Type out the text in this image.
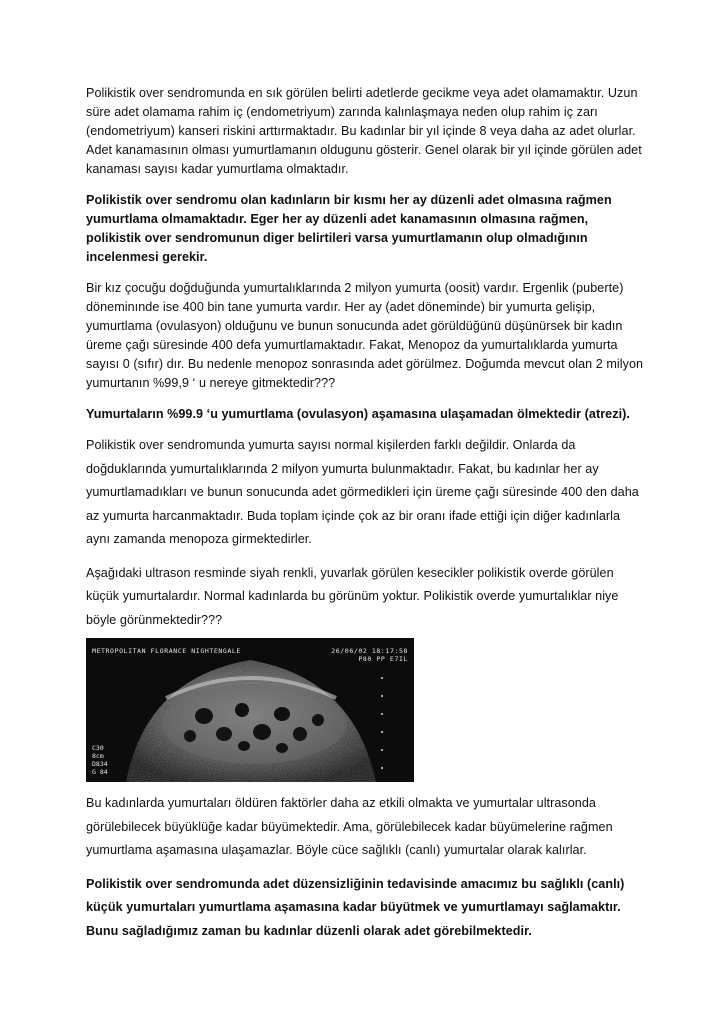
Polikistik over sendromunda en sık görülen belirti adetlerde gecikme veya adet olamamaktır. Uzun süre adet olamama rahim iç (endometriyum) zarında kalınlaşmaya neden olup rahim iç zarı (endometriyum) kanseri riskini arttırmaktadır. Bu kadınlar bir yıl içinde 8 veya daha az adet olurlar. Adet kanamasının olması yumurtlamanın oldugunu gösterir. Genel olarak bir yıl içinde görülen adet kanaması sayısı kadar yumurtlama olmaktadır.

Polikistik over sendromu olan kadınların bir kısmı her ay düzenli adet olmasına rağmen yumurtlama olmamaktadır. Eger her ay düzenli adet kanamasının olmasına rağmen, polikistik over sendromunun diger belirtileri varsa yumurtlamanın olup olmadığının incelenmesi gerekir.

Bir kız çocuğu doğduğunda yumurtalıklarında 2 milyon yumurta (oosit) vardır. Ergenlik (puberte) döneminınde ise 400 bin tane yumurta vardır. Her ay (adet döneminde) bir yumurta gelişip, yumurtlama (ovulasyon) olduğunu ve bunun sonucunda adet görüldüğünü düşünürsek bir kadın üreme çağı süresinde 400 defa yumurtlamaktadır. Fakat, Menopoz da yumurtalıklarda yumurta sayısı 0 (sıfır) dır. Bu nedenle menopoz sonrasında adet görülmez. Doğumda mevcut olan 2 milyon yumurtanın %99,9 ‘ u nereye gitmektedir???

Yumurtaların %99.9 ‘u yumurtlama (ovulasyon) aşamasına ulaşamadan ölmektedir (atrezi).

Polikistik over sendromunda yumurta sayısı normal kişilerden farklı değildir. Onlarda da doğduklarında yumurtalıklarında 2 milyon yumurta bulunmaktadır. Fakat, bu kadınlar her ay yumurtlamadıkları ve bunun sonucunda adet görmedikleri için üreme çağı süresinde 400 den daha az yumurta harcanmaktadır. Buda toplam içinde çok az bir oranı ifade ettiği için diğer kadınlarla aynı zamanda menopoza girmektedirler.

Aşağıdaki ultrason resminde siyah renkli, yuvarlak görülen kesecikler polikistik overde görülen küçük yumurtalardır. Normal kadınlarda bu görünüm yoktur. Polikistik overde yumurtalıklar niye böyle görünmektedir???

METROPOLITAN FLORANCE NIGHTENGALE	26/06/02 18:17:58
P80 PP E7IL
C30
8cm
D834
G 84

Bu kadınlarda yumurtaları öldüren faktörler daha az etkili olmakta ve yumurtalar ultrasonda görülebilecek büyüklüğe kadar büyümektedir. Ama, görülebilecek kadar büyümelerine rağmen yumurtlama aşamasına ulaşamazlar. Böyle cüce sağlıklı (canlı) yumurtalar olarak kalırlar.

Polikistik over sendromunda adet düzensizliğinin tedavisinde amacımız bu sağlıklı (canlı) küçük yumurtaları yumurtlama aşamasına kadar büyütmek ve yumurtlamayı sağlamaktır. Bunu sağladığımız zaman bu kadınlar düzenli olarak adet görebilmektedir.
